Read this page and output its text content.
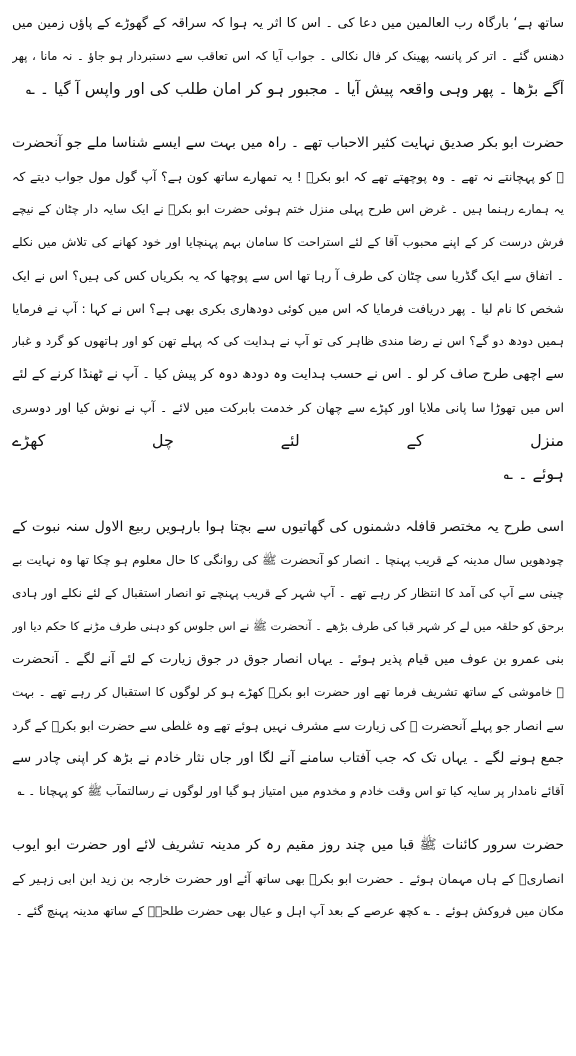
ساتھ ہے‘ بارگاہ رب العالمین میں دعا کی ۔ اس کا اثر یہ ہوا کہ سراقہ کے گھوڑے کے پاؤں زمین میں
دھنس گئے ۔ اتر کر پانسہ پھینک کر فال نکالی ۔ جواب آیا کہ اس تعاقب سے دستبردار ہو جاؤ ۔ نہ مانا ، پھر
آگے بڑھا ۔ پھر وہی واقعہ پیش آیا ۔ مجبور ہو کر امان طلب کی اور واپس آ گیا ۔ ؎
حضرت ابو بکر صدیق نہایت کثیر الاحباب تھے ۔ راہ میں بہت سے ایسے شناسا ملے جو آنحضرت
ﷺ کو پہچانتے نہ تھے ۔ وہ پوچھتے تھے کہ ابو بکرؓ ! یہ تمھارے ساتھ کون ہے؟ آپ گول مول جواب دیتے کہ
یہ ہمارے رہنما ہیں ۔ غرض اس طرح پہلی منزل ختم ہوئی حضرت ابو بکرؓ نے ایک سایہ دار چٹان کے نیچے
فرش درست کر کے اپنے محبوب آقا کے لئے استراحت کا سامان بہم پہنچایا اور خود کھانے کی تلاش میں نکلے
۔ اتفاق سے ایک گڈریا سی چٹان کی طرف آ رہا تھا اس سے پوچھا کہ یہ بکریاں کس کی ہیں؟ اس نے ایک
شخص کا نام لیا ۔ پھر دریافت فرمایا کہ اس میں کوئی دودھاری بکری بھی ہے؟ اس نے کہا : آپ نے فرمایا
ہمیں دودھ دو گے؟ اس نے رضا مندی ظاہر کی تو آپ نے ہدایت کی کہ پہلے تھن کو اور ہاتھوں کو گرد و غبار
سے اچھی طرح صاف کر لو ۔ اس نے حسب ہدایت وہ دودھ دوہ کر پیش کیا ۔ آپ نے ٹھنڈا کرنے کے لئے
اس میں تھوڑا سا پانی ملایا اور کپڑے سے چھان کر خدمت بابرکت میں لائے ۔ آپ نے نوش کیا اور دوسری
منزل کے لئے چل کھڑے
ہوئے ۔ ؎
اسی طرح یہ مختصر قافلہ دشمنوں کی گھاتیوں سے بچتا ہوا بارہویں ربیع الاول سنہ نبوت کے
چودھویں سال مدینہ کے قریب پہنچا ۔ انصار کو آنحضرت ﷺ کی روانگی کا حال معلوم ہو چکا تھا وہ نہایت بے
چینی سے آپ کی آمد کا انتظار کر رہے تھے ۔ آپ شہر کے قریب پہنچے تو انصار استقبال کے لئے نکلے اور ہادی
برحق کو حلقہ میں لے کر شہر قبا کی طرف بڑھے ۔ آنحضرت ﷺ نے اس جلوس کو دہنی طرف مڑنے کا حکم دیا اور
بنی عمرو بن عوف میں قیام پذیر ہوئے ۔ یہاں انصار جوق در جوق زیارت کے لئے آنے لگے ۔ آنحضرت
ﷺ خاموشی کے ساتھ تشریف فرما تھے اور حضرت ابو بکرؓ کھڑے ہو کر لوگوں کا استقبال کر رہے تھے ۔ بہت
سے انصار جو پہلے آنحضرت ﷺ کی زیارت سے مشرف نہیں ہوئے تھے وہ غلطی سے حضرت ابو بکرؓ کے گرد
جمع ہونے لگے ۔ یہاں تک کہ جب آفتاب سامنے آنے لگا اور جاں نثار خادم نے بڑھ کر اپنی چادر سے
آقائے نامدار پر سایہ کیا تو اس وقت خادم و مخدوم میں امتیاز ہو گیا اور لوگوں نے رسالتمآب ﷺ کو پہچانا ۔ ؎
حضرت سرور کائنات ﷺ قبا میں چند روز مقیم رہ کر مدینہ تشریف لائے اور حضرت ابو ایوب
انصاریؓ کے ہاں مہمان ہوئے ۔ حضرت ابو بکرؓ بھی ساتھ آئے اور حضرت خارجہ بن زید ابن ابی زہیر کے
مکان میں فروکش ہوئے ۔ ؎ کچھ عرصے کے بعد آپ اہل و عیال بھی حضرت طلحہؓ کے ساتھ مدینہ پہنچ گئے ۔
